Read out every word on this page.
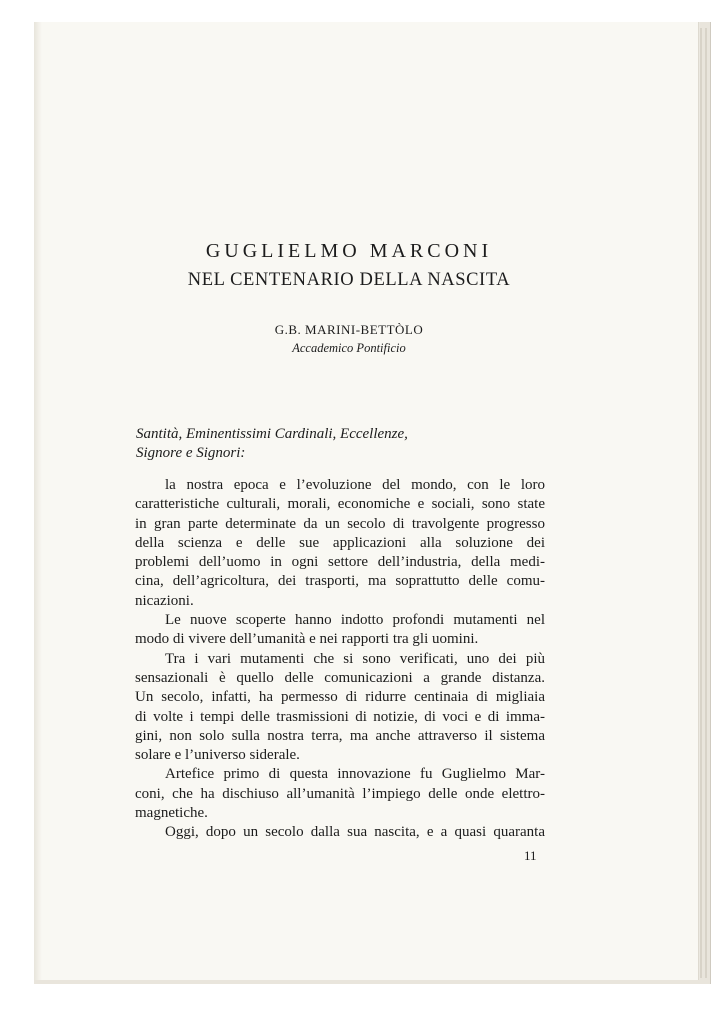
GUGLIELMO MARCONI
NEL CENTENARIO DELLA NASCITA
G.B. MARINI-BETTÒLO
Accademico Pontificio
Santità, Eminentissimi Cardinali, Eccellenze,
Signore e Signori:
la nostra epoca e l’evoluzione del mondo, con le loro
caratteristiche culturali, morali, economiche e sociali, sono state
in gran parte determinate da un secolo di travolgente progresso
della scienza e delle sue applicazioni alla soluzione dei
problemi dell’uomo in ogni settore dell’industria, della medi-
cina, dell’agricoltura, dei trasporti, ma soprattutto delle comu-
nicazioni.
Le nuove scoperte hanno indotto profondi mutamenti nel
modo di vivere dell’umanità e nei rapporti tra gli uomini.
Tra i vari mutamenti che si sono verificati, uno dei più
sensazionali è quello delle comunicazioni a grande distanza.
Un secolo, infatti, ha permesso di ridurre centinaia di migliaia
di volte i tempi delle trasmissioni di notizie, di voci e di imma-
gini, non solo sulla nostra terra, ma anche attraverso il sistema
solare e l’universo siderale.
Artefice primo di questa innovazione fu Guglielmo Mar-
coni, che ha dischiuso all’umanità l’impiego delle onde elettro-
magnetiche.
Oggi, dopo un secolo dalla sua nascita, e a quasi quaranta
11
